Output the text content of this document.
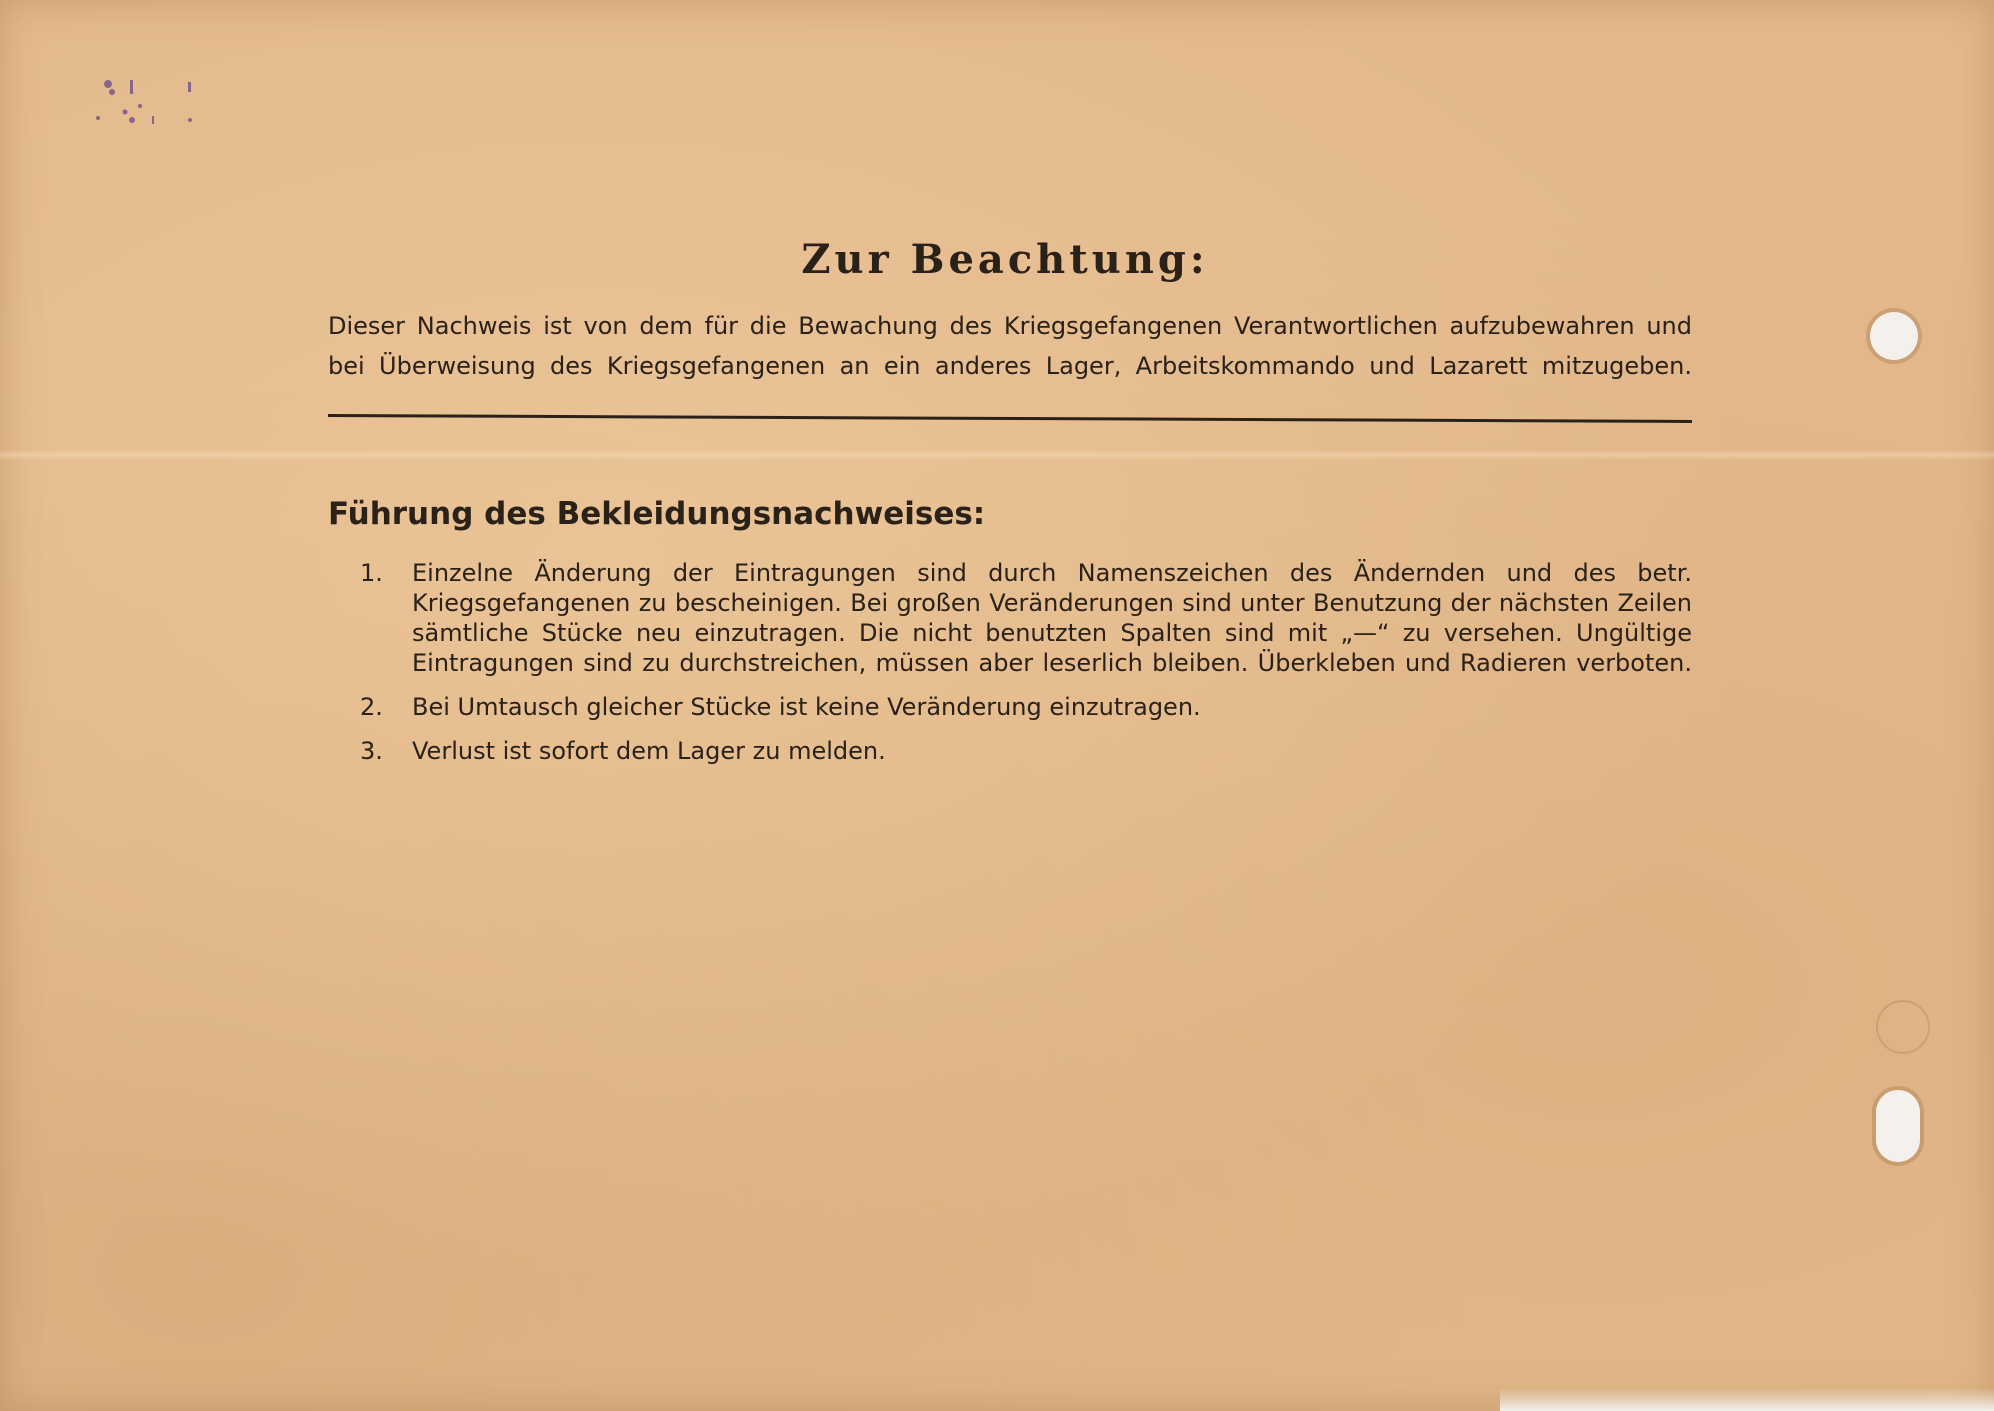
Zur Beachtung:

Dieser Nachweis ist von dem für die Bewachung des Kriegsgefangenen Verantwortlichen aufzubewahren und
bei Überweisung des Kriegsgefangenen an ein anderes Lager, Arbeitskommando und Lazarett mitzugeben.

Führung des Bekleidungsnachweises:
1. Einzelne Änderung der Eintragungen sind durch Namenszeichen des Ändernden und des betr. Kriegsgefangenen zu bescheinigen. Bei großen Veränderungen sind unter Benutzung der nächsten Zeilen sämtliche Stücke neu einzutragen. Die nicht benutzten Spalten sind mit „—“ zu versehen. Ungültige Eintragungen sind zu durchstreichen, müssen aber leserlich bleiben. Überkleben und Radieren verboten.
2. Bei Umtausch gleicher Stücke ist keine Veränderung einzutragen.
3. Verlust ist sofort dem Lager zu melden.
